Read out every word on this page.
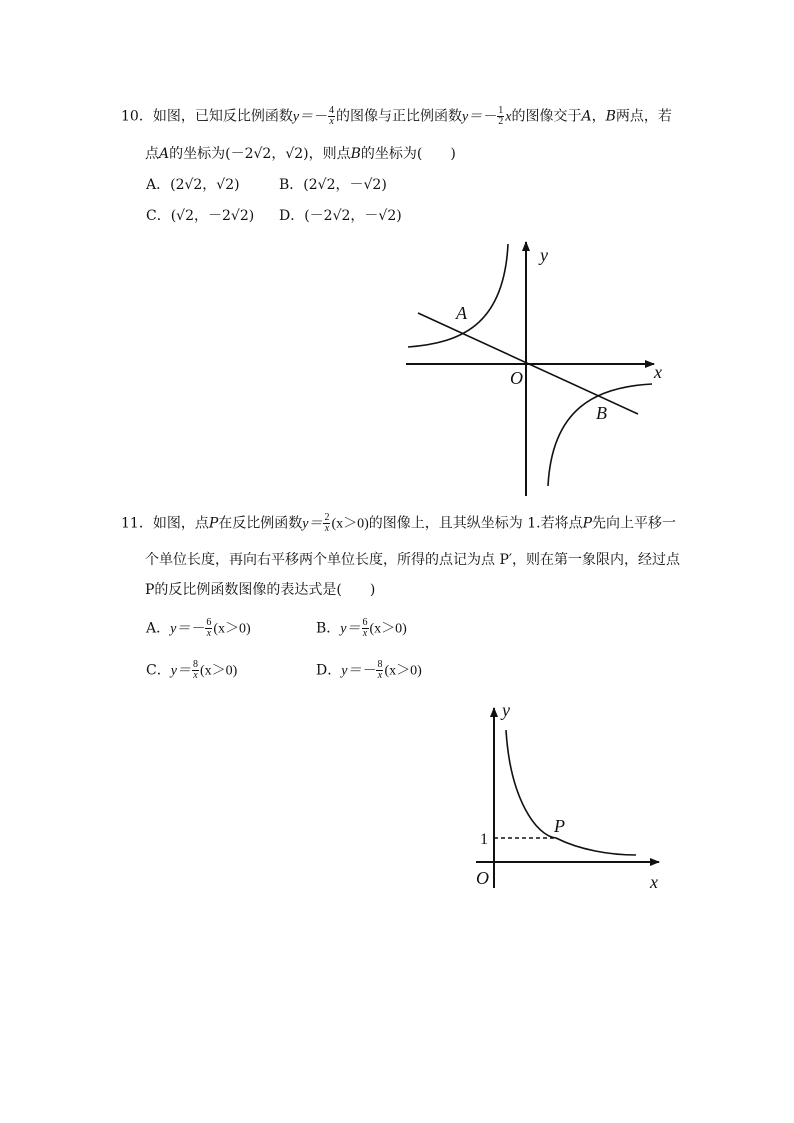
10．如图，已知反比例函数$y=- \frac{4}{x}$ 的图像与正比例函数$y=- \frac{1}{2}$ x的图像交于A，B两点，若
点A的坐标为(－2√2，√2)，则点B的坐标为(　　)
A．(2√2，√2)	B．(2√2，－√2)
C．(√2，－2√2) D．(－2√2，－√2)
y
x
O
A
B
11．如图，点P在反比例函数$y= \frac{2}{x} (x>0)$的图像上，且其纵坐标为 1.若将点P先向上平移一
个单位长度，再向右平移两个单位长度，所得的点记为点 P′，则在第一象限内，经过点
P的反比例函数图像的表达式是(　　)
A．$y=- \frac{6}{x} (x>0)$	B．$y= \frac{6}{x} (x>0)$
C．$y= \frac{8}{x} (x>0)$	D．$y=- \frac{8}{x} (x>0)$
y
x
O
P
1
